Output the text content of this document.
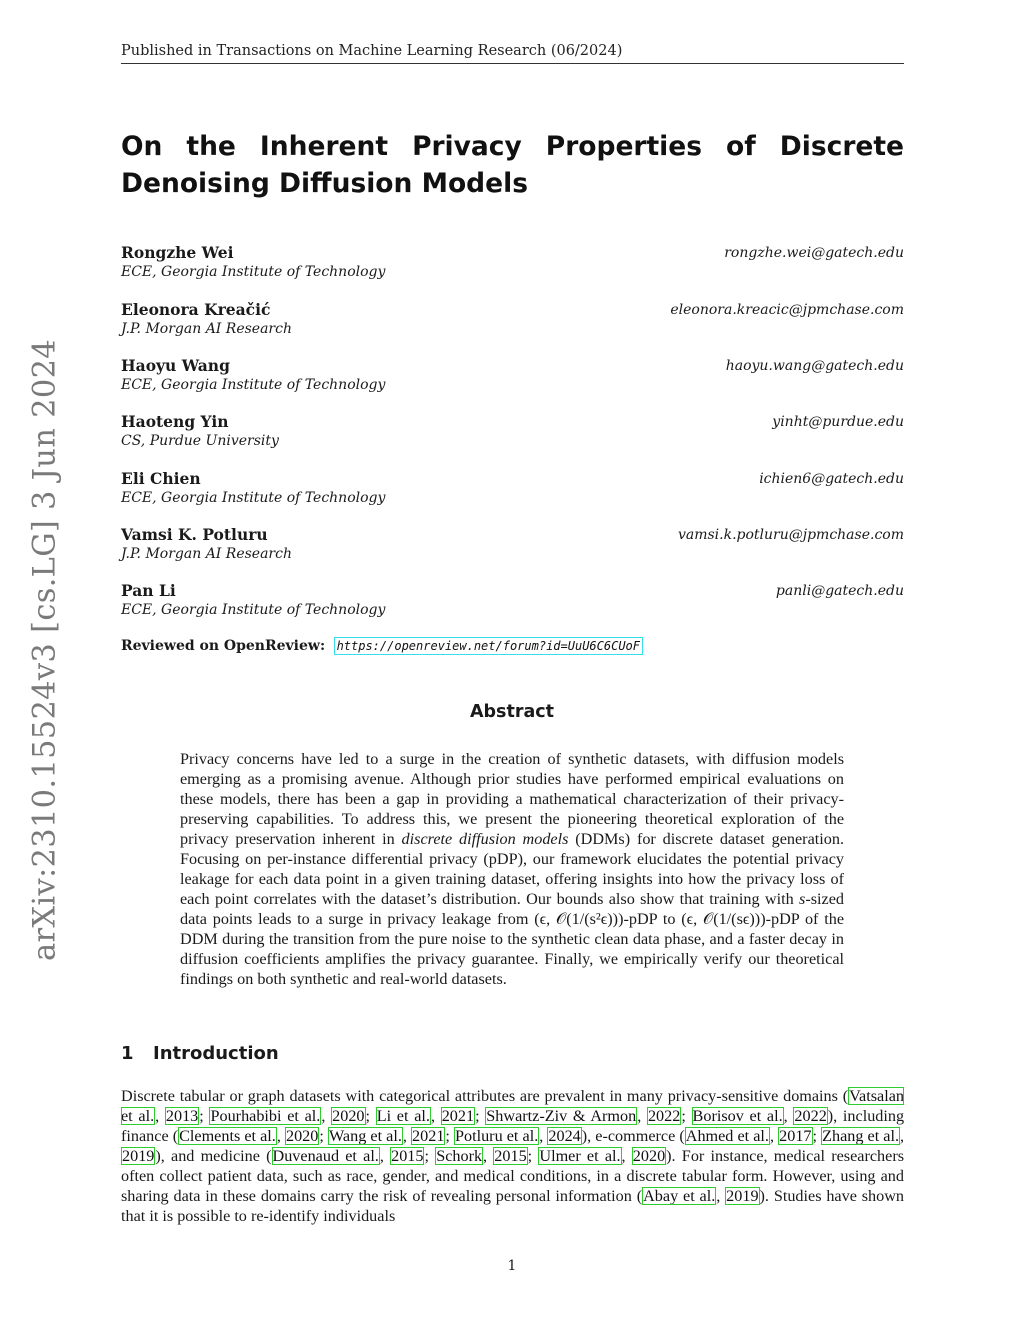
Published in Transactions on Machine Learning Research (06/2024)
arXiv:2310.15524v3 [cs.LG] 3 Jun 2024
On the Inherent Privacy Properties of Discrete Denoising Diffusion Models
Rongzhe Wei	rongzhe.wei@gatech.edu
ECE, Georgia Institute of Technology
Eleonora Kreačić	eleonora.kreacic@jpmchase.com
J.P. Morgan AI Research
Haoyu Wang	haoyu.wang@gatech.edu
ECE, Georgia Institute of Technology
Haoteng Yin	yinht@purdue.edu
CS, Purdue University
Eli Chien	ichien6@gatech.edu
ECE, Georgia Institute of Technology
Vamsi K. Potluru	vamsi.k.potluru@jpmchase.com
J.P. Morgan AI Research
Pan Li	panli@gatech.edu
ECE, Georgia Institute of Technology
Reviewed on OpenReview: https://openreview.net/forum?id=UuU6C6CUoF
Abstract

Privacy concerns have led to a surge in the creation of synthetic datasets, with diffusion models emerging as a promising avenue. Although prior studies have performed empirical evaluations on these models, there has been a gap in providing a mathematical characterization of their privacy-preserving capabilities. To address this, we present the pioneering theoretical exploration of the privacy preservation inherent in discrete diffusion models (DDMs) for discrete dataset generation. Focusing on per-instance differential privacy (pDP), our framework elucidates the potential privacy leakage for each data point in a given training dataset, offering insights into how the privacy loss of each point correlates with the dataset’s distribution. Our bounds also show that training with s-sized data points leads to a surge in privacy leakage from (ϵ, 𝒪(1/(s²ϵ)))-pDP to (ϵ, 𝒪(1/(sϵ)))-pDP of the DDM during the transition from the pure noise to the synthetic clean data phase, and a faster decay in diffusion coefficients amplifies the privacy guarantee. Finally, we empirically verify our theoretical findings on both synthetic and real-world datasets.

1 Introduction

Discrete tabular or graph datasets with categorical attributes are prevalent in many privacy-sensitive domains (Vatsalan et al., 2013; Pourhabibi et al., 2020; Li et al., 2021; Shwartz-Ziv & Armon, 2022; Borisov et al., 2022), including finance (Clements et al., 2020; Wang et al., 2021; Potluru et al., 2024), e-commerce (Ahmed et al., 2017; Zhang et al., 2019), and medicine (Duvenaud et al., 2015; Schork, 2015; Ulmer et al., 2020). For instance, medical researchers often collect patient data, such as race, gender, and medical conditions, in a discrete tabular form. However, using and sharing data in these domains carry the risk of revealing personal information (Abay et al., 2019). Studies have shown that it is possible to re-identify individuals

1
